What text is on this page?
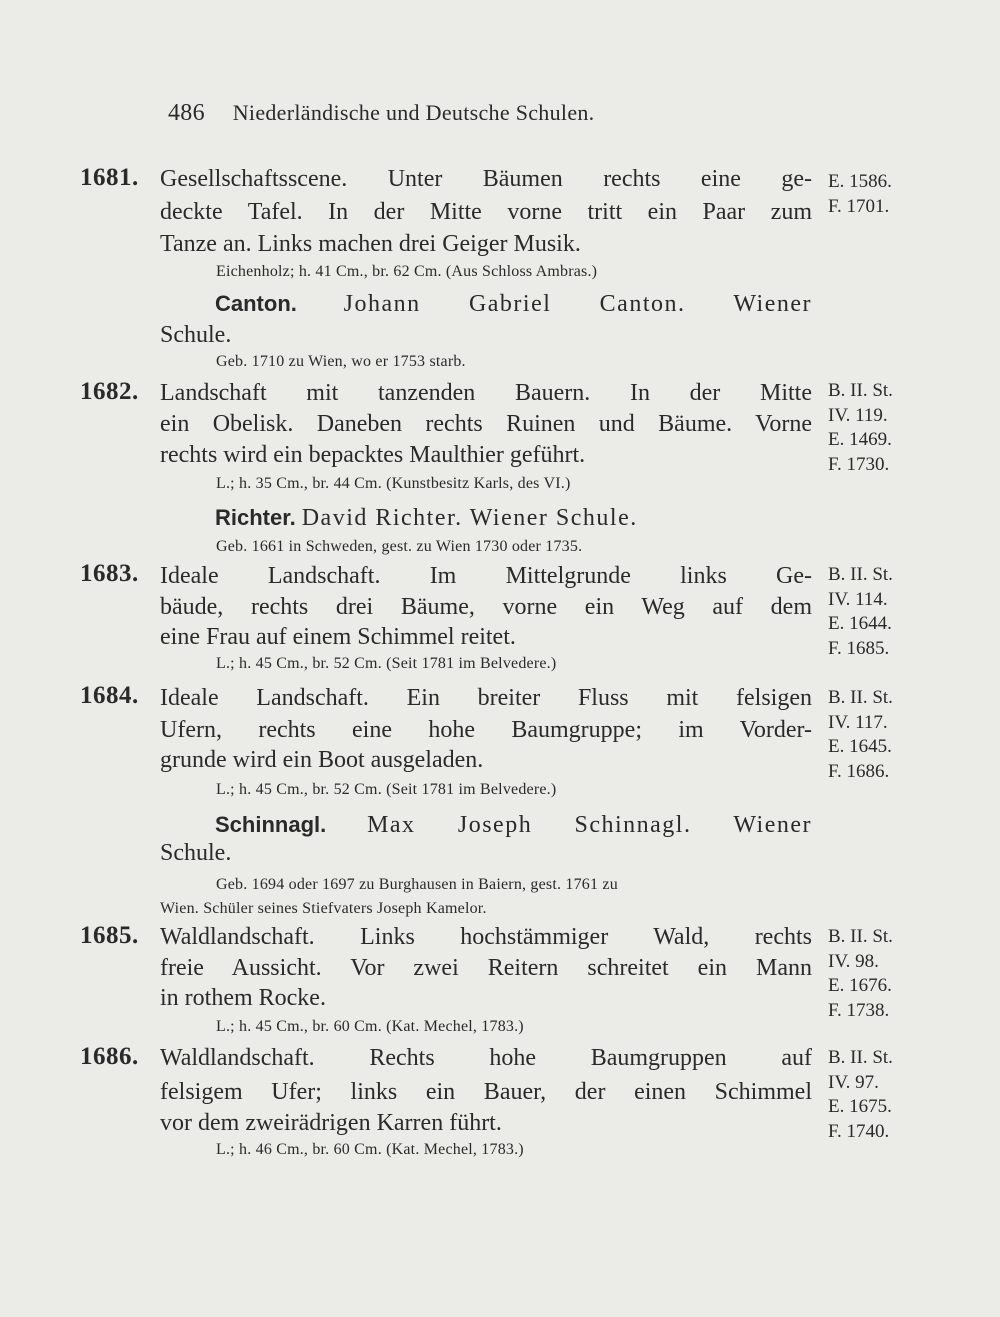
486 Niederländische und Deutsche Schulen.
1681. Gesellschaftsscene. Unter Bäumen rechts eine ge-
deckte Tafel. In der Mitte vorne tritt ein Paar zum
Tanze an. Links machen drei Geiger Musik.
Eichenholz; h. 41 Cm., br. 62 Cm. (Aus Schloss Ambras.)
E. 1586.
F. 1701.
Canton. Johann Gabriel Canton. Wiener
Schule.
Geb. 1710 zu Wien, wo er 1753 starb.
1682. Landschaft mit tanzenden Bauern. In der Mitte
ein Obelisk. Daneben rechts Ruinen und Bäume. Vorne
rechts wird ein bepacktes Maulthier geführt.
L.; h. 35 Cm., br. 44 Cm. (Kunstbesitz Karls, des VI.)
B. II. St.
IV. 119.
E. 1469.
F. 1730.
Richter. David Richter. Wiener Schule.
Geb. 1661 in Schweden, gest. zu Wien 1730 oder 1735.
1683. Ideale Landschaft. Im Mittelgrunde links Ge-
bäude, rechts drei Bäume, vorne ein Weg auf dem
eine Frau auf einem Schimmel reitet.
L.; h. 45 Cm., br. 52 Cm. (Seit 1781 im Belvedere.)
B. II. St.
IV. 114.
E. 1644.
F. 1685.
1684. Ideale Landschaft. Ein breiter Fluss mit felsigen
Ufern, rechts eine hohe Baumgruppe; im Vorder-
grunde wird ein Boot ausgeladen.
L.; h. 45 Cm., br. 52 Cm. (Seit 1781 im Belvedere.)
B. II. St.
IV. 117.
E. 1645.
F. 1686.
Schinnagl. Max Joseph Schinnagl. Wiener
Schule.
Geb. 1694 oder 1697 zu Burghausen in Baiern, gest. 1761 zu
Wien. Schüler seines Stiefvaters Joseph Kamelor.
1685. Waldlandschaft. Links hochstämmiger Wald, rechts
freie Aussicht. Vor zwei Reitern schreitet ein Mann
in rothem Rocke.
L.; h. 45 Cm., br. 60 Cm. (Kat. Mechel, 1783.)
B. II. St.
IV. 98.
E. 1676.
F. 1738.
1686. Waldlandschaft. Rechts hohe Baumgruppen auf
felsigem Ufer; links ein Bauer, der einen Schimmel
vor dem zweirädrigen Karren führt.
L.; h. 46 Cm., br. 60 Cm. (Kat. Mechel, 1783.)
B. II. St.
IV. 97.
E. 1675.
F. 1740.
